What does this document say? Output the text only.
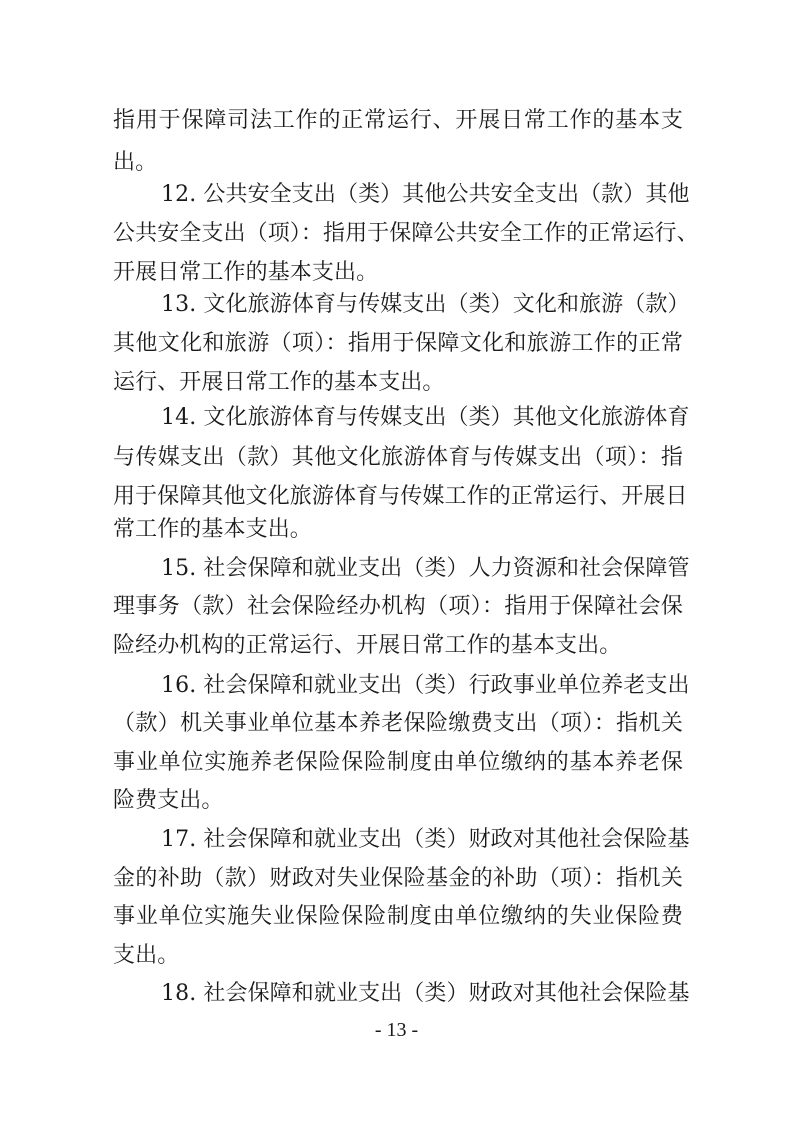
指用于保障司法工作的正常运行、开展日常工作的基本支
出。
12. 公共安全支出（类）其他公共安全支出（款）其他
公共安全支出（项）：指用于保障公共安全工作的正常运行、
开展日常工作的基本支出。
13. 文化旅游体育与传媒支出（类）文化和旅游（款）
其他文化和旅游（项）：指用于保障文化和旅游工作的正常
运行、开展日常工作的基本支出。
14. 文化旅游体育与传媒支出（类）其他文化旅游体育
与传媒支出（款）其他文化旅游体育与传媒支出（项）：指
用于保障其他文化旅游体育与传媒工作的正常运行、开展日
常工作的基本支出。
15. 社会保障和就业支出（类）人力资源和社会保障管
理事务（款）社会保险经办机构（项）：指用于保障社会保
险经办机构的正常运行、开展日常工作的基本支出。
16. 社会保障和就业支出（类）行政事业单位养老支出
（款）机关事业单位基本养老保险缴费支出（项）：指机关
事业单位实施养老保险保险制度由单位缴纳的基本养老保
险费支出。
17. 社会保障和就业支出（类）财政对其他社会保险基
金的补助（款）财政对失业保险基金的补助（项）：指机关
事业单位实施失业保险保险制度由单位缴纳的失业保险费
支出。
18. 社会保障和就业支出（类）财政对其他社会保险基
- 13 -
